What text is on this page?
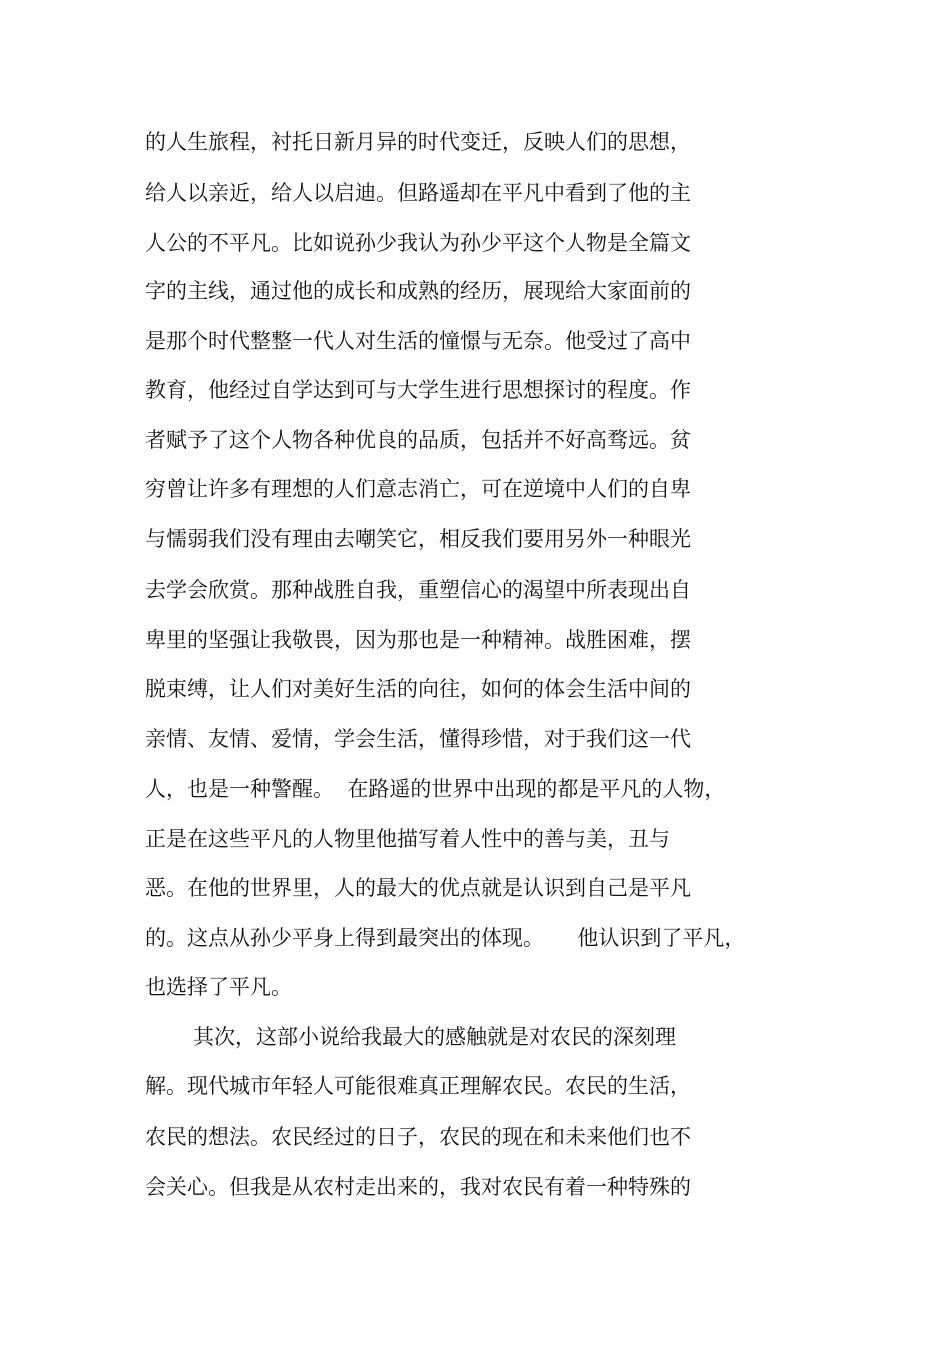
的人生旅程，衬托日新月异的时代变迁，反映人们的思想，
给人以亲近，给人以启迪。但路遥却在平凡中看到了他的主
人公的不平凡。比如说孙少我认为孙少平这个人物是全篇文
字的主线，通过他的成长和成熟的经历，展现给大家面前的
是那个时代整整一代人对生活的憧憬与无奈。他受过了高中
教育，他经过自学达到可与大学生进行思想探讨的程度。作
者赋予了这个人物各种优良的品质，包括并不好高骛远。贫
穷曾让许多有理想的人们意志消亡，可在逆境中人们的自卑
与懦弱我们没有理由去嘲笑它，相反我们要用另外一种眼光
去学会欣赏。那种战胜自我，重塑信心的渴望中所表现出自
卑里的坚强让我敬畏，因为那也是一种精神。战胜困难，摆
脱束缚，让人们对美好生活的向往，如何的体会生活中间的
亲情、友情、爱情，学会生活，懂得珍惜，对于我们这一代
人，也是一种警醒。  在路遥的世界中出现的都是平凡的人物，
正是在这些平凡的人物里他描写着人性中的善与美，丑与
恶。在他的世界里，人的最大的优点就是认识到自己是平凡
的。这点从孙少平身上得到最突出的体现。     他认识到了平凡，
也选择了平凡。
其次，这部小说给我最大的感触就是对农民的深刻理
解。现代城市年轻人可能很难真正理解农民。农民的生活，
农民的想法。农民经过的日子，农民的现在和未来他们也不
会关心。但我是从农村走出来的，我对农民有着一种特殊的
